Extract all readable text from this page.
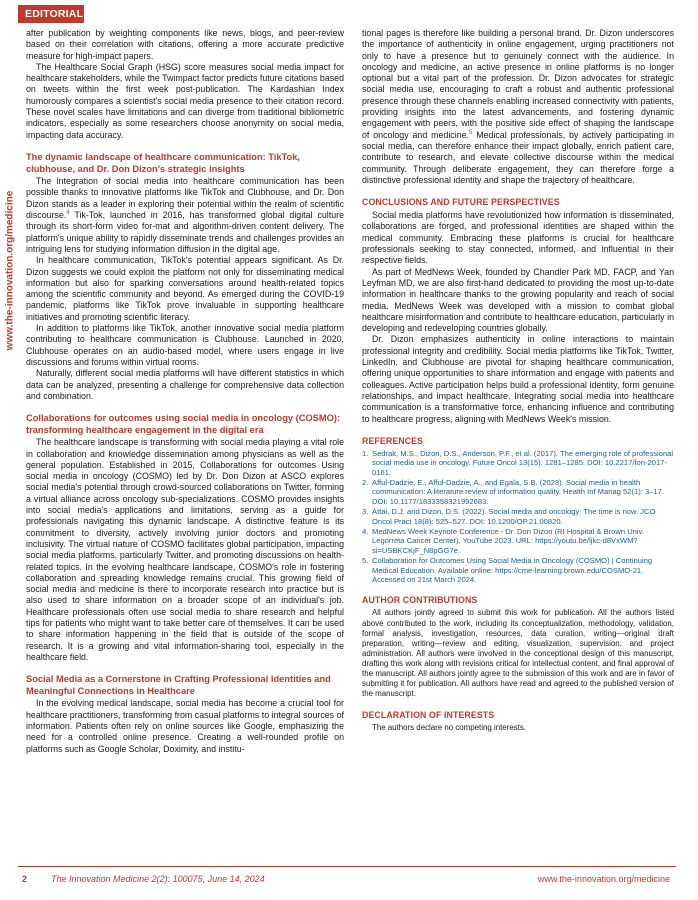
EDITORIAL
www.the-innovation.org/medicine

after publication by weighting components like news, blogs, and peer-review based on their correlation with citations, offering a more accurate predictive measure for high-impact papers.

The Healthcare Social Graph (HSG) score measures social media impact for healthcare stakeholders, while the Twimpact factor predicts future citations based on tweets within the first week post-publication. The Kardashian Index humorously compares a scientist's social media presence to their citation record. These novel scales have limitations and can diverge from traditional bibliometric indicators, especially as some researchers choose anonymity on social media, impacting data accuracy.

The dynamic landscape of healthcare communication: TikTok, clubhouse, and Dr. Don Dizon's strategic insights

The integration of social media into healthcare communication has been possible thanks to innovative platforms like TikTok and Clubhouse, and Dr. Don Dizon stands as a leader in exploring their potential within the realm of scientific discourse.$^4$ Tik-Tok, launched in 2016, has transformed global digital culture through its short-form video for-mat and algorithm-driven content delivery. The platform's unique ability to rapidly disseminate trends and challenges provides an intriguing lens for studying information diffusion in the digital age.

In healthcare communication, TikTok's potential appears significant. As Dr. Dizon suggests we could exploit the platform not only for disseminating medical information but also for sparking conversations around health-related topics among the scientific community and beyond. As emerged during the COVID-19 pandemic, platforms like TikTok prove invaluable in supporting healthcare initiatives and promoting scientific literacy.

In addition to platforms like TikTok, another innovative social media platform contributing to healthcare communication is Clubhouse. Launched in 2020, Clubhouse operates on an audio-based model, where users engage in live discussions and forums within virtual rooms.

Naturally, different social media platforms will have different statistics in which data can be analyzed, presenting a challenge for comprehensive data collection and combination.

Collaborations for outcomes using social media in oncology (COSMO): transforming healthcare engagement in the digital era

The healthcare landscape is transforming with social media playing a vital role in collaboration and knowledge dissemination among physicians as well as the general population. Established in 2015, Collaborations for outcomes Using social media in oncology (COSMO) led by Dr. Don Dizon at ASCO explores social media's potential through crowd-sourced collaborations on Twitter, forming a virtual alliance across oncology sub-specializations. COSMO provides insights into social media's applications and limitations, serving as a guide for professionals navigating this dynamic landscape. A distinctive feature is its commitment to diversity, actively involving junior doctors and promoting inclusivity. The virtual nature of COSMO facilitates global participation, impacting social media platforms, particularly Twitter, and promoting discussions on health-related topics. In the evolving healthcare landscape, COSMO's role in fostering collaboration and spreading knowledge remains crucial. This growing field of social media and medicine is there to incorporate research into practice but is also used to share information on a broader scope of an individual's job. Healthcare professionals often use social media to share research and helpful tips for patients who might want to take better care of themselves. It can be used to share information happening in the field that is outside of the scope of research. It is a growing and vital information-sharing tool, especially in the healthcare field.

Social Media as a Cornerstone in Crafting Professional Identities and Meaningful Connections in Healthcare

In the evolving medical landscape, social media has become a crucial tool for healthcare practitioners, transforming from casual platforms to integral sources of information. Patients often rely on online sources like Google, emphasizing the need for a controlled online presence. Creating a well-rounded profile on platforms such as Google Scholar, Doximity, and institu-

tional pages is therefore like building a personal brand. Dr. Dizon underscores the importance of authenticity in online engagement, urging practitioners not only to have a presence but to genuinely connect with the audience. In oncology and medicine, an active presence in online platforms is no longer optional but a vital part of the profession. Dr. Dizon advocates for strategic social media use, encouraging to craft a robust and authentic professional presence through these channels enabling increased connectivity with patients, providing insights into the latest advancements, and fostering dynamic engagement with peers, with the positive side effect of shaping the landscape of oncology and medicine.$^5$ Medical professionals, by actively participating in social media, can therefore enhance their impact globally, enrich patient care, contribute to research, and elevate collective discourse within the medical community. Through deliberate engagement, they can therefore forge a distinctive professional identity and shape the trajectory of healthcare.

CONCLUSIONS AND FUTURE PERSPECTIVES

Social media platforms have revolutionized how information is disseminated, collaborations are forged, and professional identities are shaped within the medical community. Embracing these platforms is crucial for healthcare professionals seeking to stay connected, informed, and influential in their respective fields.

As part of MedNews Week, founded by Chandler Park MD, FACP, and Yan Leyfman MD, we are also first-hand dedicated to providing the most up-to-date information in healthcare thanks to the growing popularity and reach of social media. MedNews Week was developed with a mission to combat global healthcare misinformation and contribute to healthcare education, particularly in developing and redeveloping countries globally.

Dr. Dizon emphasizes authenticity in online interactions to maintain professional integrity and credibility. Social media platforms like TikTok, Twitter, LinkedIn, and Clubhouse are pivotal for shaping healthcare communication, offering unique opportunities to share information and engage with patients and colleagues. Active participation helps build a professional identity, form genuine relationships, and impact healthcare. Integrating social media into healthcare communication is a transformative force, enhancing influence and contributing to healthcare progress, aligning with MedNews Week's mission.

REFERENCES
1. Sedrak, M.S., Dizon, D.S., Anderson, P.F., et al. (2017). The emerging role of professional social media use in oncology. Future Oncol 13(15): 1281–1285. DOI: 10.2217/fon-2017-0161.
2. Afful-Dadzie, E., Afful-Dadzie, A., and Egala, S.B. (2023). Social media in health communication: A literature review of information quality. Health Inf Manag 52(1): 3–17. DOI: 10.1177/1833358321992683.
3. Attai, D.J. and Dizon, D.S. (2022). Social media and oncology: The time is now. JCO Oncol Pract 18(8): 525–527. DOI: 10.1200/OP.21.00820.
4. MedNews Week Keynote Conference - Dr. Don Dizon (RI Hospital & Brown Univ. Legorreta Cancer Center). YouTube 2023. URL: https://youtu.be/ljkc-d8VxWM?si=USBKCKjF_N8pGG7e.
5. Collaboration for Outcomes Using Social Media in Oncology (COSMO) | Continuing Medical Education. Available online: https://cme-learning.brown.edu/COSMO-21. Accessed on 21st March 2024.
AUTHOR CONTRIBUTIONS

All authors jointly agreed to submit this work for publication. All the authors listed above contributed to the work, including its conceptualization, methodology, validation, formal analysis, investigation, resources, data curation, writing—original draft preparation, writing—review and editing, visualization, supervision, and project administration. All authors were involved in the conceptional design of this manuscript, drafting this work along with revisions critical for intellectual content, and final approval of the manuscript. All authors jointly agree to the submission of this work and are in favor of submitting it for publication. All authors have read and agreed to the published version of the manuscript.

DECLARATION OF INTERESTS

The authors declare no competing interests.

2	The Innovation Medicine 2(2): 100075, June 14, 2024	www.the-innovation.org/medicine
